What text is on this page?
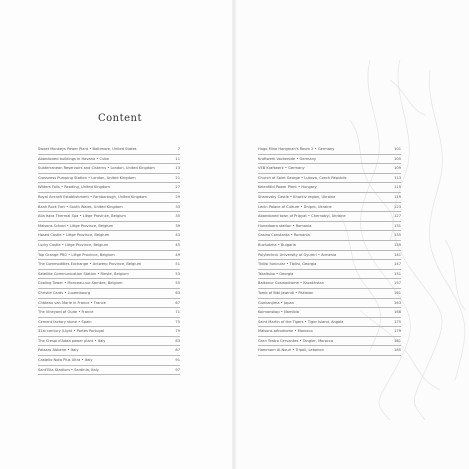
Content
Sweet Monkeys Power Plant • Baltimore, United States	7
Abandoned buildings in Havana • Cuba	11
Subterranean Reservoirs and Cisterns • London, United Kingdom	13
Crossness Pumping Station • London, United Kingdom	21
Witters Falls • Reading, United Kingdom	27
Royal Aircraft Establishment • Farnborough, United Kingdom	29
Bank Rock Fort • South Wales, United Kingdom	33
Alla Iskra Thermal Spa • Liège Province, Belgium	35
Maisons School • Liège Province, Belgium	39
Hosed Castle • Liège Province, Belgium	43
Lucky Castle • Liège Province, Belgium	45
Top Grange PRG • Liège Province, Belgium	49
The Commodities Exchange • Antwerp Province, Belgium	51
Satellite Communication Station • Rieste, Belgium	53
Cooling Tower • Monceau-sur-Sambre, Belgium	55
Christie Cards • Luxembourg	63
Château van Marle in France • France	67
The Vineyard of Oude • France	71
Cement factory stone • Spain	75
31st century (Light • Portes Portugal	79
The Crespi d'Adda power plant • Italy	83
Palazzo Abbene • Italy	87
Castello Noto Plus Ultra • Italy	91
Sant'Elia Stadium • Sardinia, Italy	97
Hugo Mine Hangman's Room 2 • Germany	101
Kraftwerk Vockerode • Germany	105
VEB Kraftwerk • Germany	109
Church of Saint George • Lukova, Czech Republic	113
Kelenföld Power Plant • Hungary	115
Sharovsky Castle • Kharkiv region, Ukraine	119
Lenin Palace of Culture • Dnipro, Ukraine	123
Abandoned town of Pripyat • Chernobyl, Ukraine	127
Hunedoara station • Romania	131
Casino Constanța • Romania	135
Buzludzha • Bulgaria	139
Polytechnic University of Gyumri • Armenia	141
Tbilisi funicular • Tbilisi, Georgia	147
Tskaltubo • Georgia	151
Baikonur Cosmodrome • Kazakhstan	157
Tomb of Bibi Jawindi • Pakistan	161
Gunkanjima • Japan	163
Kolmanskop • Namibia	168
Saint Martin of the Tigers • Tiger Island, Angola	175
Maisons aérodrome • Morocco	179
Gran Teatro Cervantes • Tangier, Morocco	181
Hammam Al-Nouri • Tripoli, Lebanon	185
